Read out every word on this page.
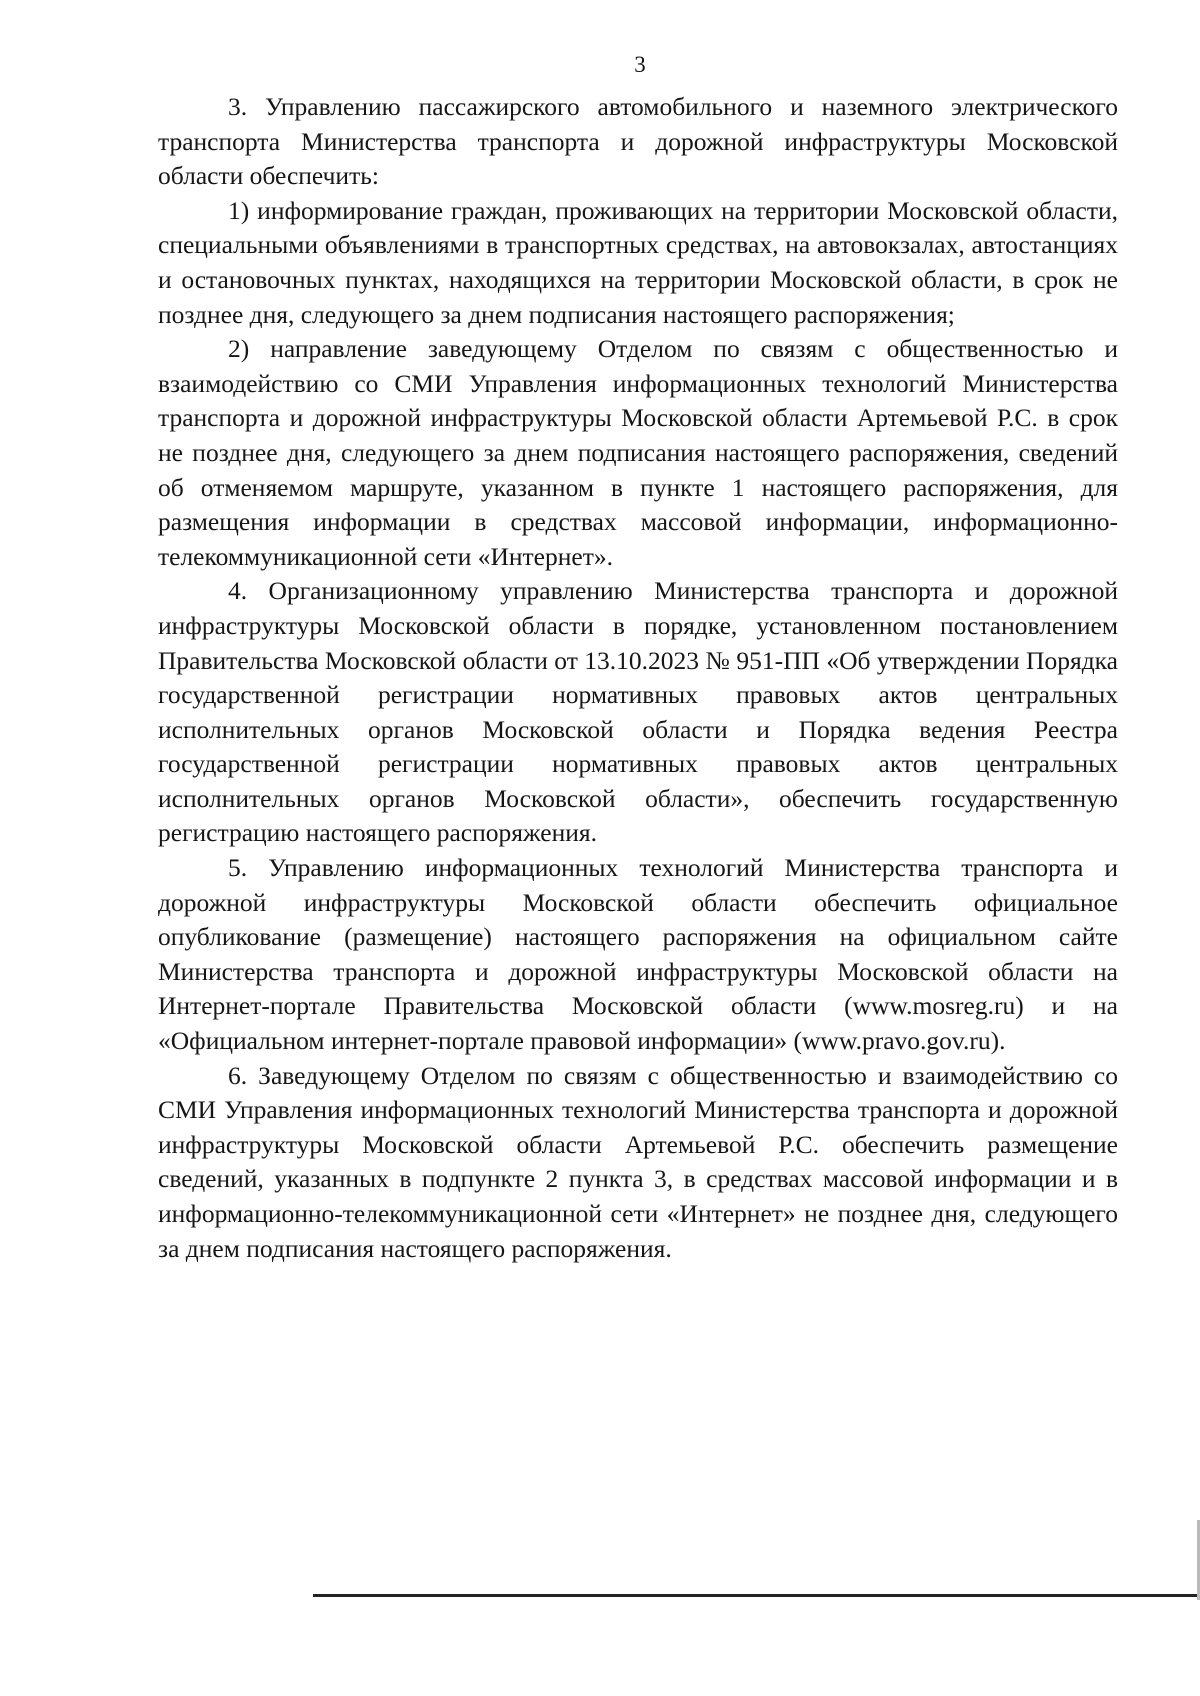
3

3. Управлению пассажирского автомобильного и наземного электрического транспорта Министерства транспорта и дорожной инфраструктуры Московской области обеспечить:

1) информирование граждан, проживающих на территории Московской области, специальными объявлениями в транспортных средствах, на автовокзалах, автостанциях и остановочных пунктах, находящихся на территории Московской области, в срок не позднее дня, следующего за днем подписания настоящего распоряжения;

2) направление заведующему Отделом по связям с общественностью и взаимодействию со СМИ Управления информационных технологий Министерства транспорта и дорожной инфраструктуры Московской области Артемьевой Р.С. в срок не позднее дня, следующего за днем подписания настоящего распоряжения, сведений об отменяемом маршруте, указанном в пункте 1 настоящего распоряжения, для размещения информации в средствах массовой информации, информационно-телекоммуникационной сети «Интернет».

4. Организационному управлению Министерства транспорта и дорожной инфраструктуры Московской области в порядке, установленном постановлением Правительства Московской области от 13.10.2023 № 951-ПП «Об утверждении Порядка государственной регистрации нормативных правовых актов центральных исполнительных органов Московской области и Порядка ведения Реестра государственной регистрации нормативных правовых актов центральных исполнительных органов Московской области», обеспечить государственную регистрацию настоящего распоряжения.

5. Управлению информационных технологий Министерства транспорта и дорожной инфраструктуры Московской области обеспечить официальное опубликование (размещение) настоящего распоряжения на официальном сайте Министерства транспорта и дорожной инфраструктуры Московской области на Интернет-портале Правительства Московской области (www.mosreg.ru) и на «Официальном интернет-портале правовой информации» (www.pravo.gov.ru).

6. Заведующему Отделом по связям с общественностью и взаимодействию со СМИ Управления информационных технологий Министерства транспорта и дорожной инфраструктуры Московской области Артемьевой Р.С. обеспечить размещение сведений, указанных в подпункте 2 пункта 3, в средствах массовой информации и в информационно-телекоммуникационной сети «Интернет» не позднее дня, следующего за днем подписания настоящего распоряжения.
